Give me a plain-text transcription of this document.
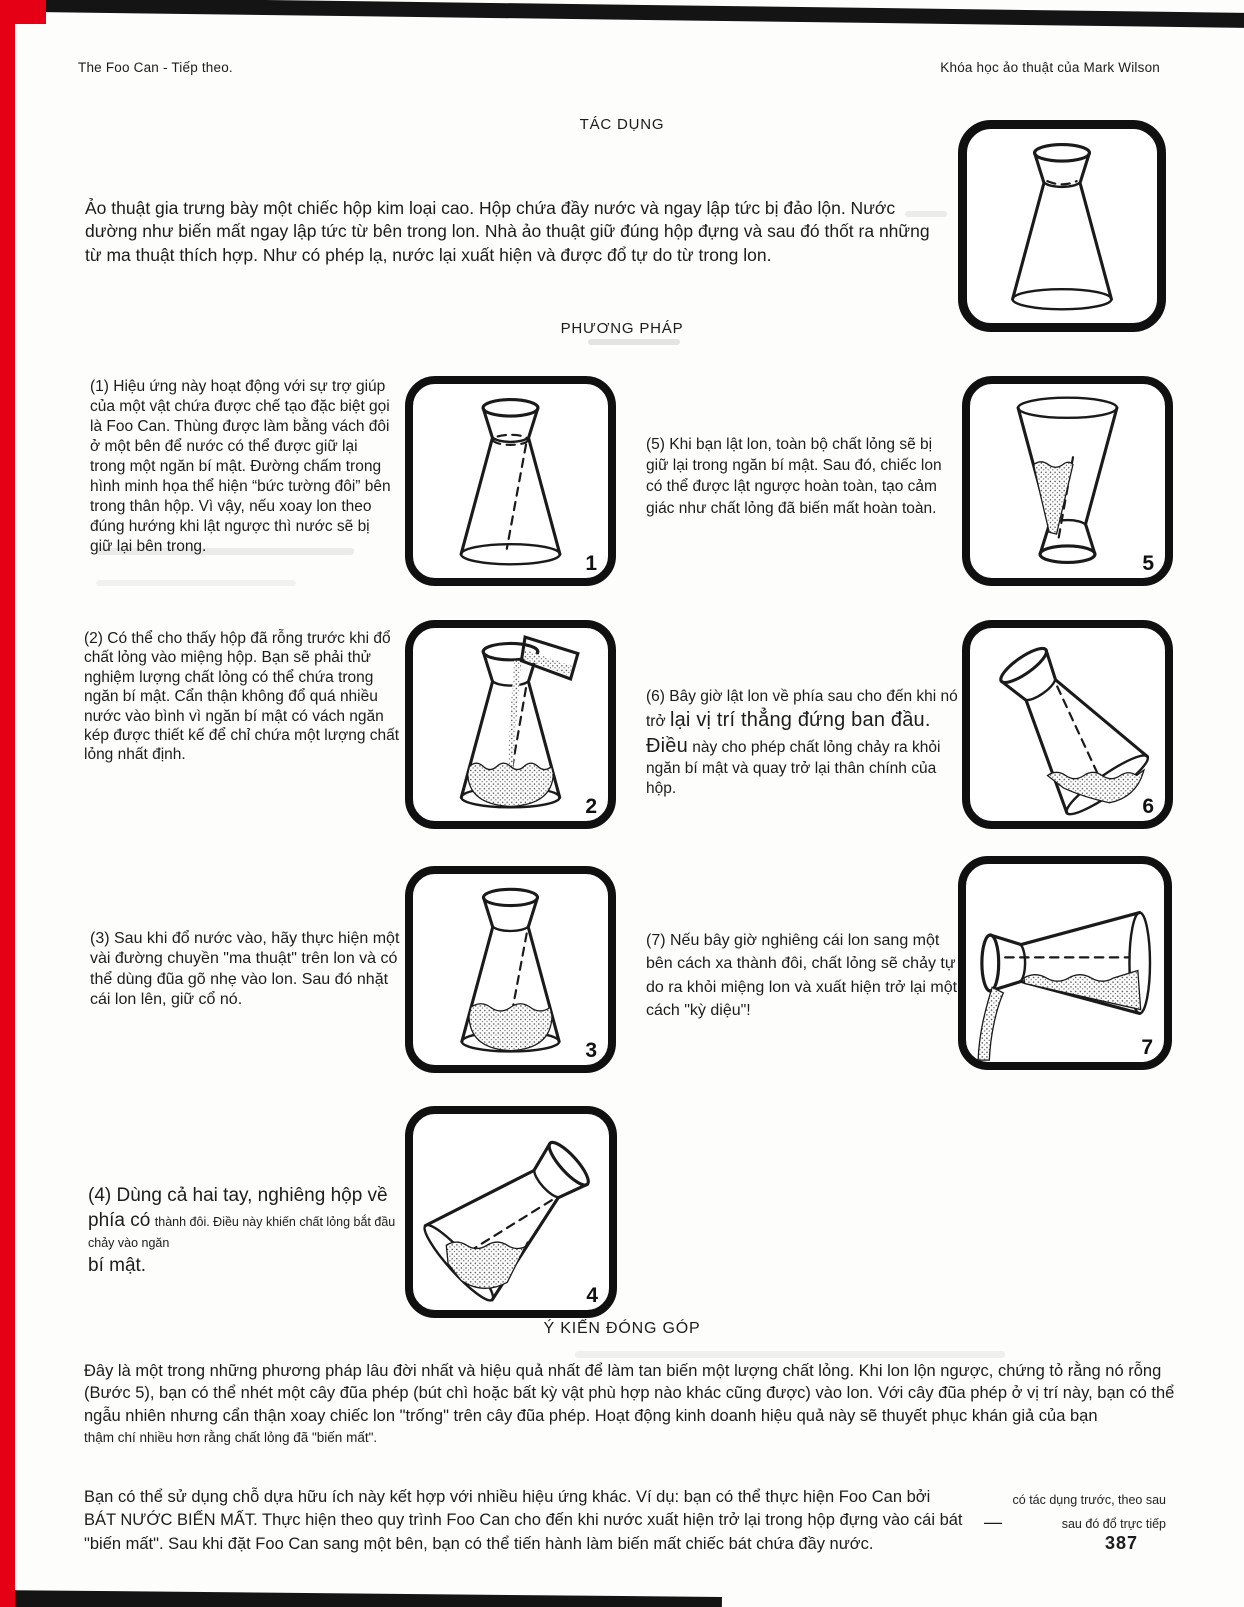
The Foo Can - Tiếp theo.	Khóa học ảo thuật của Mark Wilson
TÁC DỤNG
Ảo thuật gia trưng bày một chiếc hộp kim loại cao. Hộp chứa đầy nước và ngay lập tức bị đảo lộn. Nước dường như biến mất ngay lập tức từ bên trong lon. Nhà ảo thuật giữ đúng hộp đựng và sau đó thốt ra những từ ma thuật thích hợp. Như có phép lạ, nước lại xuất hiện và được đổ tự do từ trong lon.
PHƯƠNG PHÁP
(1) Hiệu ứng này hoạt động với sự trợ giúp của một vật chứa được chế tạo đặc biệt gọi là Foo Can. Thùng được làm bằng vách đôi ở một bên để nước có thể được giữ lại trong một ngăn bí mật. Đường chấm trong hình minh họa thể hiện “bức tường đôi” bên trong thân hộp. Vì vậy, nếu xoay lon theo đúng hướng khi lật ngược thì nước sẽ bị giữ lại bên trong.
1
(5) Khi bạn lật lon, toàn bộ chất lỏng sẽ bị giữ lại trong ngăn bí mật. Sau đó, chiếc lon có thể được lật ngược hoàn toàn, tạo cảm giác như chất lỏng đã biến mất hoàn toàn.
5
(2) Có thể cho thấy hộp đã rỗng trước khi đổ chất lỏng vào miệng hộp. Bạn sẽ phải thử nghiệm lượng chất lỏng có thể chứa trong ngăn bí mật. Cẩn thận không đổ quá nhiều nước vào bình vì ngăn bí mật có vách ngăn kép được thiết kế để chỉ chứa một lượng chất lỏng nhất định.
2
(6) Bây giờ lật lon về phía sau cho đến khi nó trở lại vị trí thẳng đứng ban đầu. Điều này cho phép chất lỏng chảy ra khỏi ngăn bí mật và quay trở lại thân chính của hộp.
6
(3) Sau khi đổ nước vào, hãy thực hiện một vài đường chuyền "ma thuật" trên lon và có thể dùng đũa gõ nhẹ vào lon. Sau đó nhặt cái lon lên, giữ cổ nó.
3
(7) Nếu bây giờ nghiêng cái lon sang một bên cách xa thành đôi, chất lỏng sẽ chảy tự do ra khỏi miệng lon và xuất hiện trở lại một cách "kỳ diệu"!
7
(4) Dùng cả hai tay, nghiêng hộp về phía có thành đôi. Điều này khiến chất lỏng bắt đầu chảy vào ngăn
bí mật.
4
Ý KIẾN ĐÓNG GÓP
Đây là một trong những phương pháp lâu đời nhất và hiệu quả nhất để làm tan biến một lượng chất lỏng. Khi lon lộn ngược, chứng tỏ rằng nó rỗng (Bước 5), bạn có thể nhét một cây đũa phép (bút chì hoặc bất kỳ vật phù hợp nào khác cũng được) vào lon. Với cây đũa phép ở vị trí này, bạn có thể ngẫu nhiên nhưng cẩn thận xoay chiếc lon "trống" trên cây đũa phép. Hoạt động kinh doanh hiệu quả này sẽ thuyết phục khán giả của bạn
thậm chí nhiều hơn rằng chất lỏng đã "biến mất".
Bạn có thể sử dụng chỗ dựa hữu ích này kết hợp với nhiều hiệu ứng khác. Ví dụ: bạn có thể thực hiện Foo Can bởi BÁT NƯỚC BIẾN MẤT. Thực hiện theo quy trình Foo Can cho đến khi nước xuất hiện trở lại trong hộp đựng vào cái bát "biến mất". Sau khi đặt Foo Can sang một bên, bạn có thể tiến hành làm biến mất chiếc bát chứa đầy nước.
—
có tác dụng trước, theo sau
sau đó đổ trực tiếp
387
